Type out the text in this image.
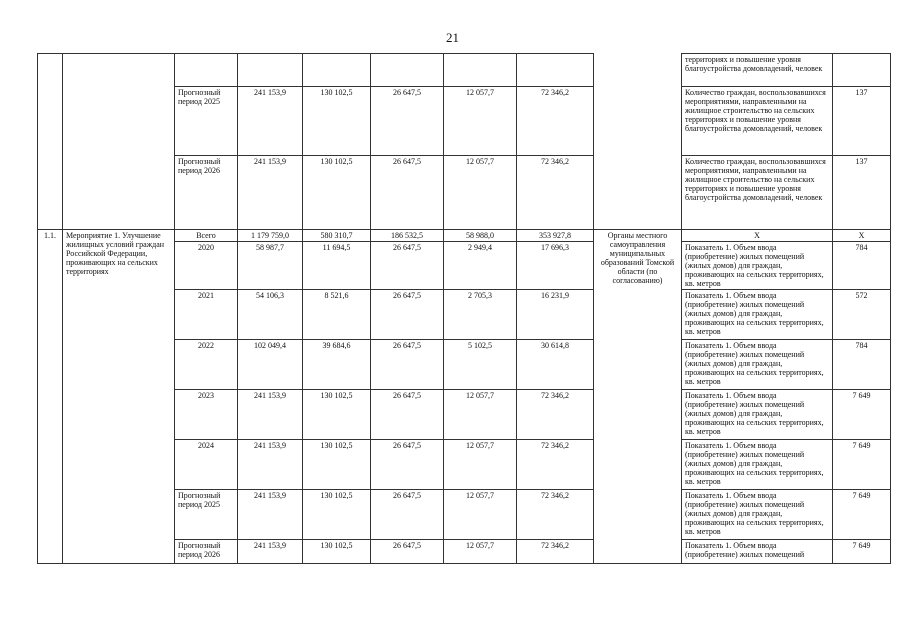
21
									территориях и повышение уровня благоустройства домовладений, человек	
		Прогнозный период 2025	241 153,9	130 102,5	26 647,5	12 057,7	72 346,2		Количество граждан, воспользовавшихся мероприятиями, направленными на жилищное строительство на сельских территориях и повышение уровня благоустройства домовладений, человек	137
		Прогнозный период 2026	241 153,9	130 102,5	26 647,5	12 057,7	72 346,2		Количество граждан, воспользовавшихся мероприятиями, направленными на жилищное строительство на сельских территориях и повышение уровня благоустройства домовладений, человек	137
1.1.	Мероприятие 1. Улучшение жилищных условий граждан Российской Федерации, проживающих на сельских территориях	Всего	1 179 759,0	580 310,7	186 532,5	58 988,0	353 927,8	Органы местного самоуправления муниципальных образований Томской области (по согласованию)	X	X
		2020	58 987,7	11 694,5	26 647,5	2 949,4	17 696,3		Показатель 1. Объем ввода (приобретение) жилых помещений (жилых домов) для граждан, проживающих на сельских территориях, кв. метров	784
		2021	54 106,3	8 521,6	26 647,5	2 705,3	16 231,9		Показатель 1. Объем ввода (приобретение) жилых помещений (жилых домов) для граждан, проживающих на сельских территориях, кв. метров	572
		2022	102 049,4	39 684,6	26 647,5	5 102,5	30 614,8		Показатель 1. Объем ввода (приобретение) жилых помещений (жилых домов) для граждан, проживающих на сельских территориях, кв. метров	784
		2023	241 153,9	130 102,5	26 647,5	12 057,7	72 346,2		Показатель 1. Объем ввода (приобретение) жилых помещений (жилых домов) для граждан, проживающих на сельских территориях, кв. метров	7 649
		2024	241 153,9	130 102,5	26 647,5	12 057,7	72 346,2		Показатель 1. Объем ввода (приобретение) жилых помещений (жилых домов) для граждан, проживающих на сельских территориях, кв. метров	7 649
		Прогнозный период 2025	241 153,9	130 102,5	26 647,5	12 057,7	72 346,2		Показатель 1. Объем ввода (приобретение) жилых помещений (жилых домов) для граждан, проживающих на сельских территориях, кв. метров	7 649
		Прогнозный период 2026	241 153,9	130 102,5	26 647,5	12 057,7	72 346,2		Показатель 1. Объем ввода (приобретение) жилых помещений	7 649
